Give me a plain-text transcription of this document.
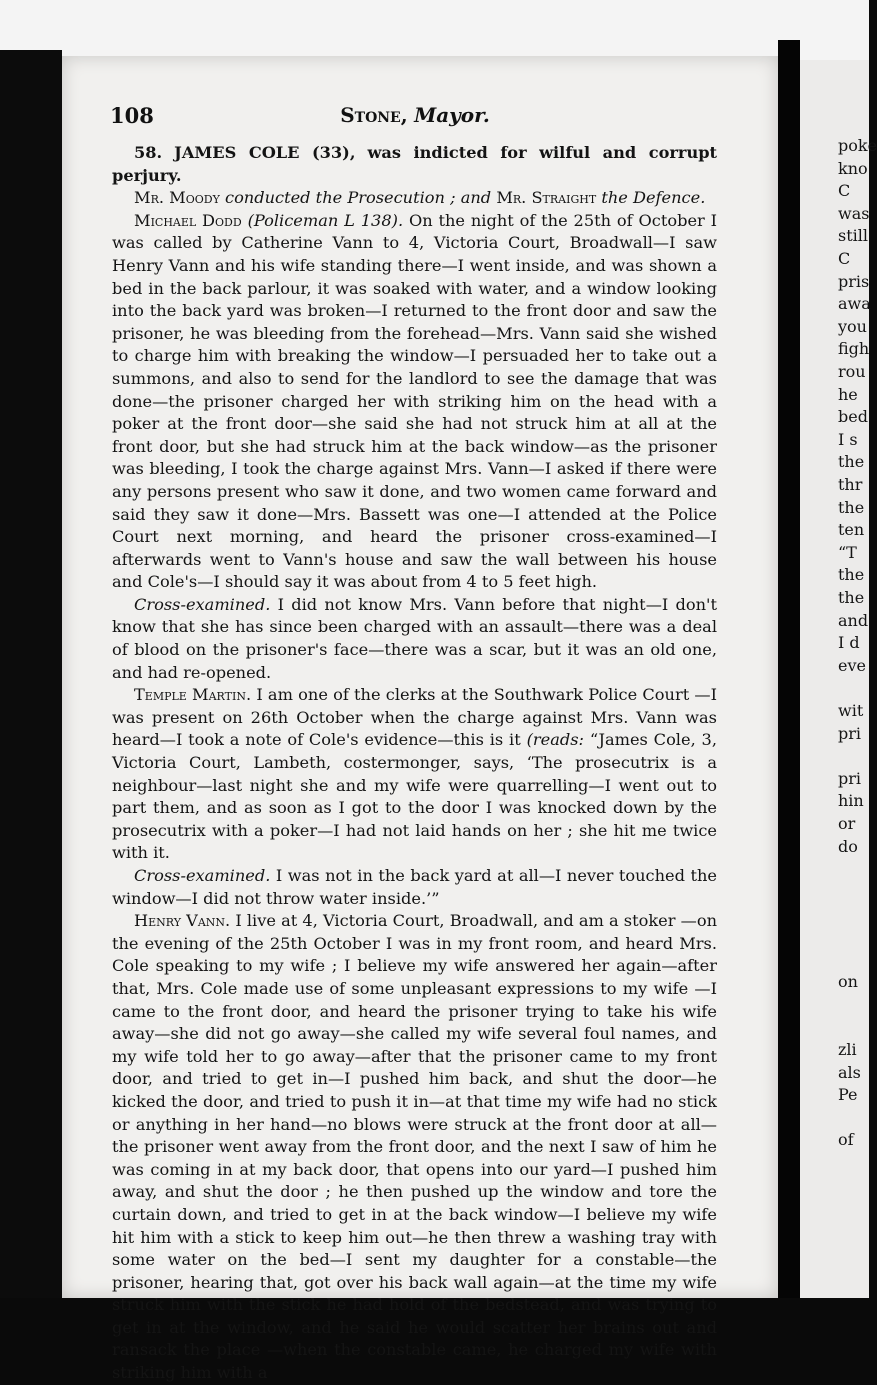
poke
kno
C
was
still
C
pris
awa
you
figh
rou
he
bed
I s
the
thr
the
ten
“T
the
the
and
I d
eve
wit
pri
pri
hin
or
do
on
zli
als
Pe
of
108	Stone, Mayor.

58. JAMES COLE (33), was indicted for wilful and corrupt perjury.

Mr. Moody conducted the Prosecution ; and Mr. Straight the Defence.

Michael Dodd (Policeman L 138). On the night of the 25th of October I was called by Catherine Vann to 4, Victoria Court, Broadwall—I saw Henry Vann and his wife standing there—I went inside, and was shown a bed in the back parlour, it was soaked with water, and a window looking into the back yard was broken—I returned to the front door and saw the prisoner, he was bleeding from the forehead—Mrs. Vann said she wished to charge him with breaking the window—I persuaded her to take out a summons, and also to send for the landlord to see the damage that was done—the prisoner charged her with striking him on the head with a poker at the front door—she said she had not struck him at all at the front door, but she had struck him at the back window—as the prisoner was bleeding, I took the charge against Mrs. Vann—I asked if there were any persons present who saw it done, and two women came forward and said they saw it done—Mrs. Bassett was one—I attended at the Police Court next morning, and heard the prisoner cross-examined—I afterwards went to Vann's house and saw the wall between his house and Cole's—I should say it was about from 4 to 5 feet high.

Cross-examined. I did not know Mrs. Vann before that night—I don't know that she has since been charged with an assault—there was a deal of blood on the prisoner's face—there was a scar, but it was an old one, and had re-opened.

Temple Martin. I am one of the clerks at the Southwark Police Court —I was present on 26th October when the charge against Mrs. Vann was heard—I took a note of Cole's evidence—this is it (reads: “James Cole, 3, Victoria Court, Lambeth, costermonger, says, ‘The prosecutrix is a neighbour—last night she and my wife were quarrelling—I went out to part them, and as soon as I got to the door I was knocked down by the prosecutrix with a poker—I had not laid hands on her ; she hit me twice with it.

Cross-examined. I was not in the back yard at all—I never touched the window—I did not throw water inside.’”

Henry Vann. I live at 4, Victoria Court, Broadwall, and am a stoker —on the evening of the 25th October I was in my front room, and heard Mrs. Cole speaking to my wife ; I believe my wife answered her again—after that, Mrs. Cole made use of some unpleasant expressions to my wife —I came to the front door, and heard the prisoner trying to take his wife away—she did not go away—she called my wife several foul names, and my wife told her to go away—after that the prisoner came to my front door, and tried to get in—I pushed him back, and shut the door—he kicked the door, and tried to push it in—at that time my wife had no stick or anything in her hand—no blows were struck at the front door at all—the prisoner went away from the front door, and the next I saw of him he was coming in at my back door, that opens into our yard—I pushed him away, and shut the door ; he then pushed up the window and tore the curtain down, and tried to get in at the back window—I believe my wife hit him with a stick to keep him out—he then threw a washing tray with some water on the bed—I sent my daughter for a constable—the prisoner, hearing that, got over his back wall again—at the time my wife struck him with the stick he had hold of the bedstead, and was trying to get in at the window, and he said he would scatter her brains out and ransack the place —when the constable came, he charged my wife with striking him with a
